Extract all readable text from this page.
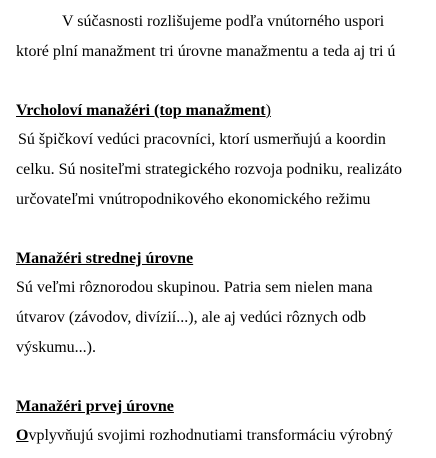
V súčasnosti rozlišujeme podľa vnútorného uspori
ktoré plní manažment tri úrovne manažmentu a teda aj tri ú
Vrcholoví manažéri (top manažment)
Sú špičkoví vedúci pracovníci, ktorí usmerňujú a koordin
celku. Sú nositeľmi strategického rozvoja podniku, realizáto
určovateľmi vnútropodnikového ekonomického režimu
Manažéri strednej úrovne
Sú veľmi rôznorodou skupinou. Patria sem nielen mana
útvarov (závodov, divízií...), ale aj vedúci rôznych odb
výskumu...).
Manažéri prvej úrovne
Ovplyvňujú svojimi rozhodnutiami transformáciu výrobný
